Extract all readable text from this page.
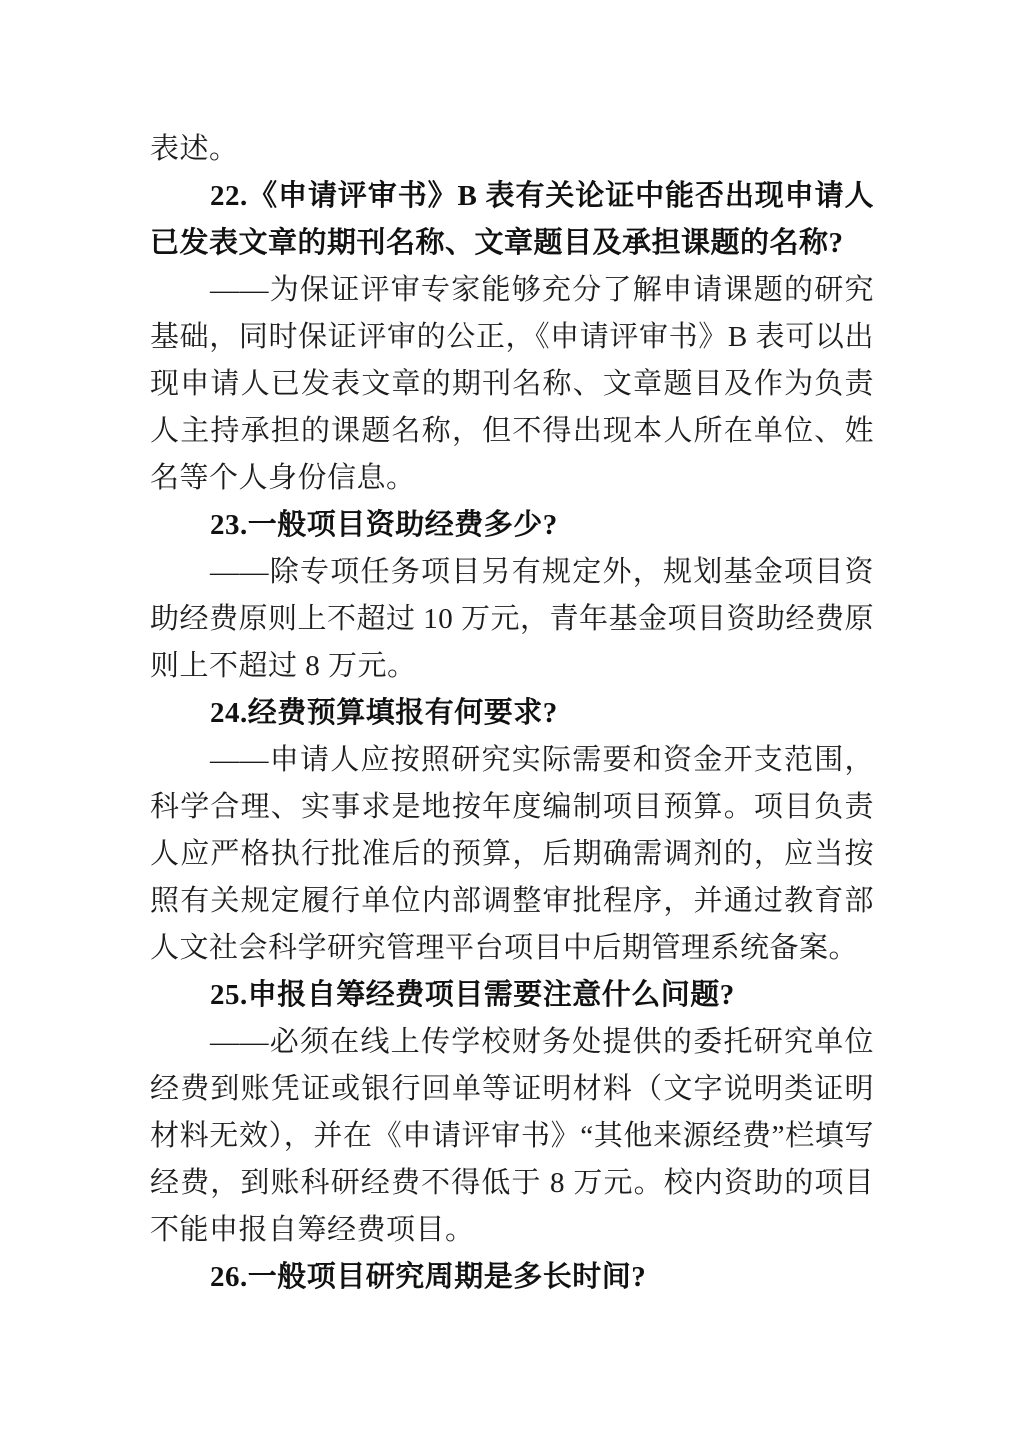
表述。

22.《申请评审书》B 表有关论证中能否出现申请人已发表文章的期刊名称、文章题目及承担课题的名称?

——为保证评审专家能够充分了解申请课题的研究基础，同时保证评审的公正，《申请评审书》B 表可以出现申请人已发表文章的期刊名称、文章题目及作为负责人主持承担的课题名称，但不得出现本人所在单位、姓名等个人身份信息。

23.一般项目资助经费多少?

——除专项任务项目另有规定外，规划基金项目资助经费原则上不超过 10 万元，青年基金项目资助经费原则上不超过 8 万元。

24.经费预算填报有何要求?

——申请人应按照研究实际需要和资金开支范围，科学合理、实事求是地按年度编制项目预算。项目负责人应严格执行批准后的预算，后期确需调剂的，应当按照有关规定履行单位内部调整审批程序，并通过教育部人文社会科学研究管理平台项目中后期管理系统备案。

25.申报自筹经费项目需要注意什么问题?

——必须在线上传学校财务处提供的委托研究单位经费到账凭证或银行回单等证明材料（文字说明类证明材料无效），并在《申请评审书》“其他来源经费”栏填写经费，到账科研经费不得低于 8 万元。校内资助的项目不能申报自筹经费项目。

26.一般项目研究周期是多长时间?
